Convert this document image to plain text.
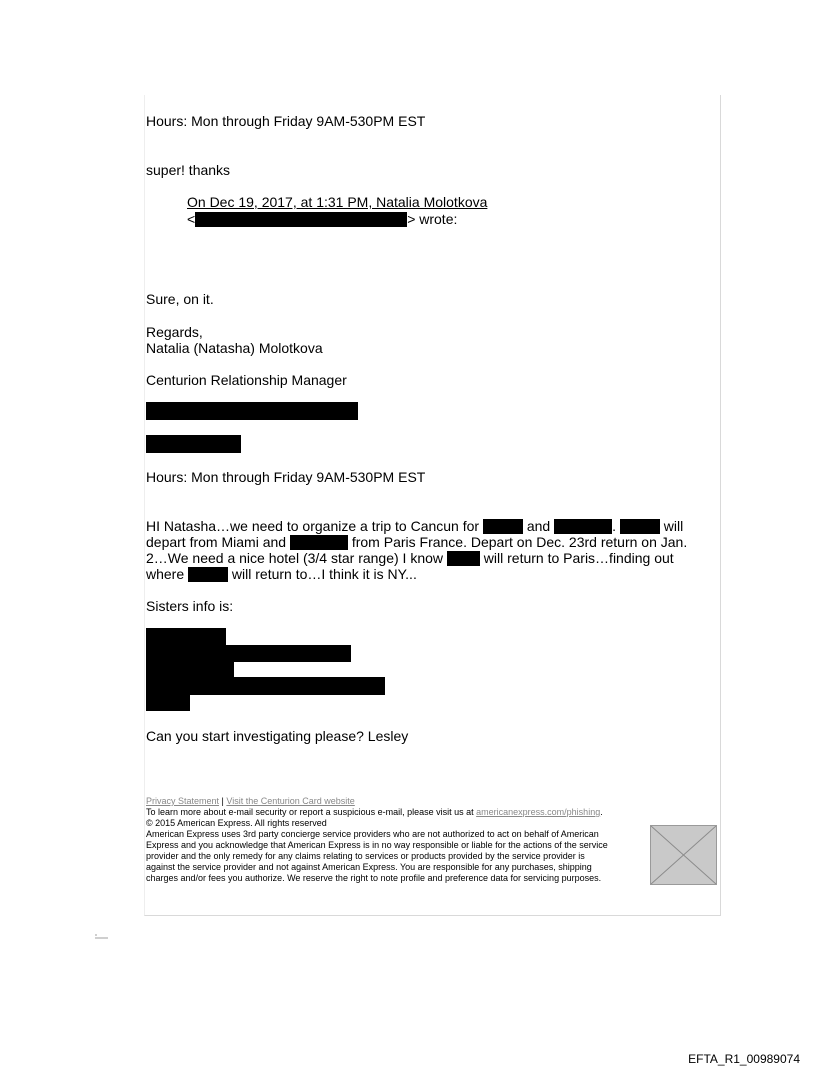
Hours: Mon through Friday 9AM-530PM EST
super! thanks
On Dec 19, 2017, at 1:31 PM, Natalia Molotkova
<	> wrote:
Sure, on it.
Regards,
Natalia (Natasha) Molotkova
Centurion Relationship Manager
Hours: Mon through Friday 9AM-530PM EST
HI Natasha…we need to organize a trip to Cancun for	and	.	will
depart from Miami and	from Paris France. Depart on Dec. 23rd return on Jan.
2…We need a nice hotel (3/4 star range) I know	will return to Paris…finding out
where	will return to…I think it is NY...
Sisters info is:
Can you start investigating please? Lesley
Privacy Statement | Visit the Centurion Card website
To learn more about e-mail security or report a suspicious e-mail, please visit us at americanexpress.com/phishing.
© 2015 American Express. All rights reserved
American Express uses 3rd party concierge service providers who are not authorized to act on behalf of American
Express and you acknowledge that American Express is in no way responsible or liable for the actions of the service
provider and the only remedy for any claims relating to services or products provided by the service provider is
against the service provider and not against American Express. You are responsible for any purchases, shipping
charges and/or fees you authorize. We reserve the right to note profile and preference data for servicing purposes.
EFTA_R1_00989074
